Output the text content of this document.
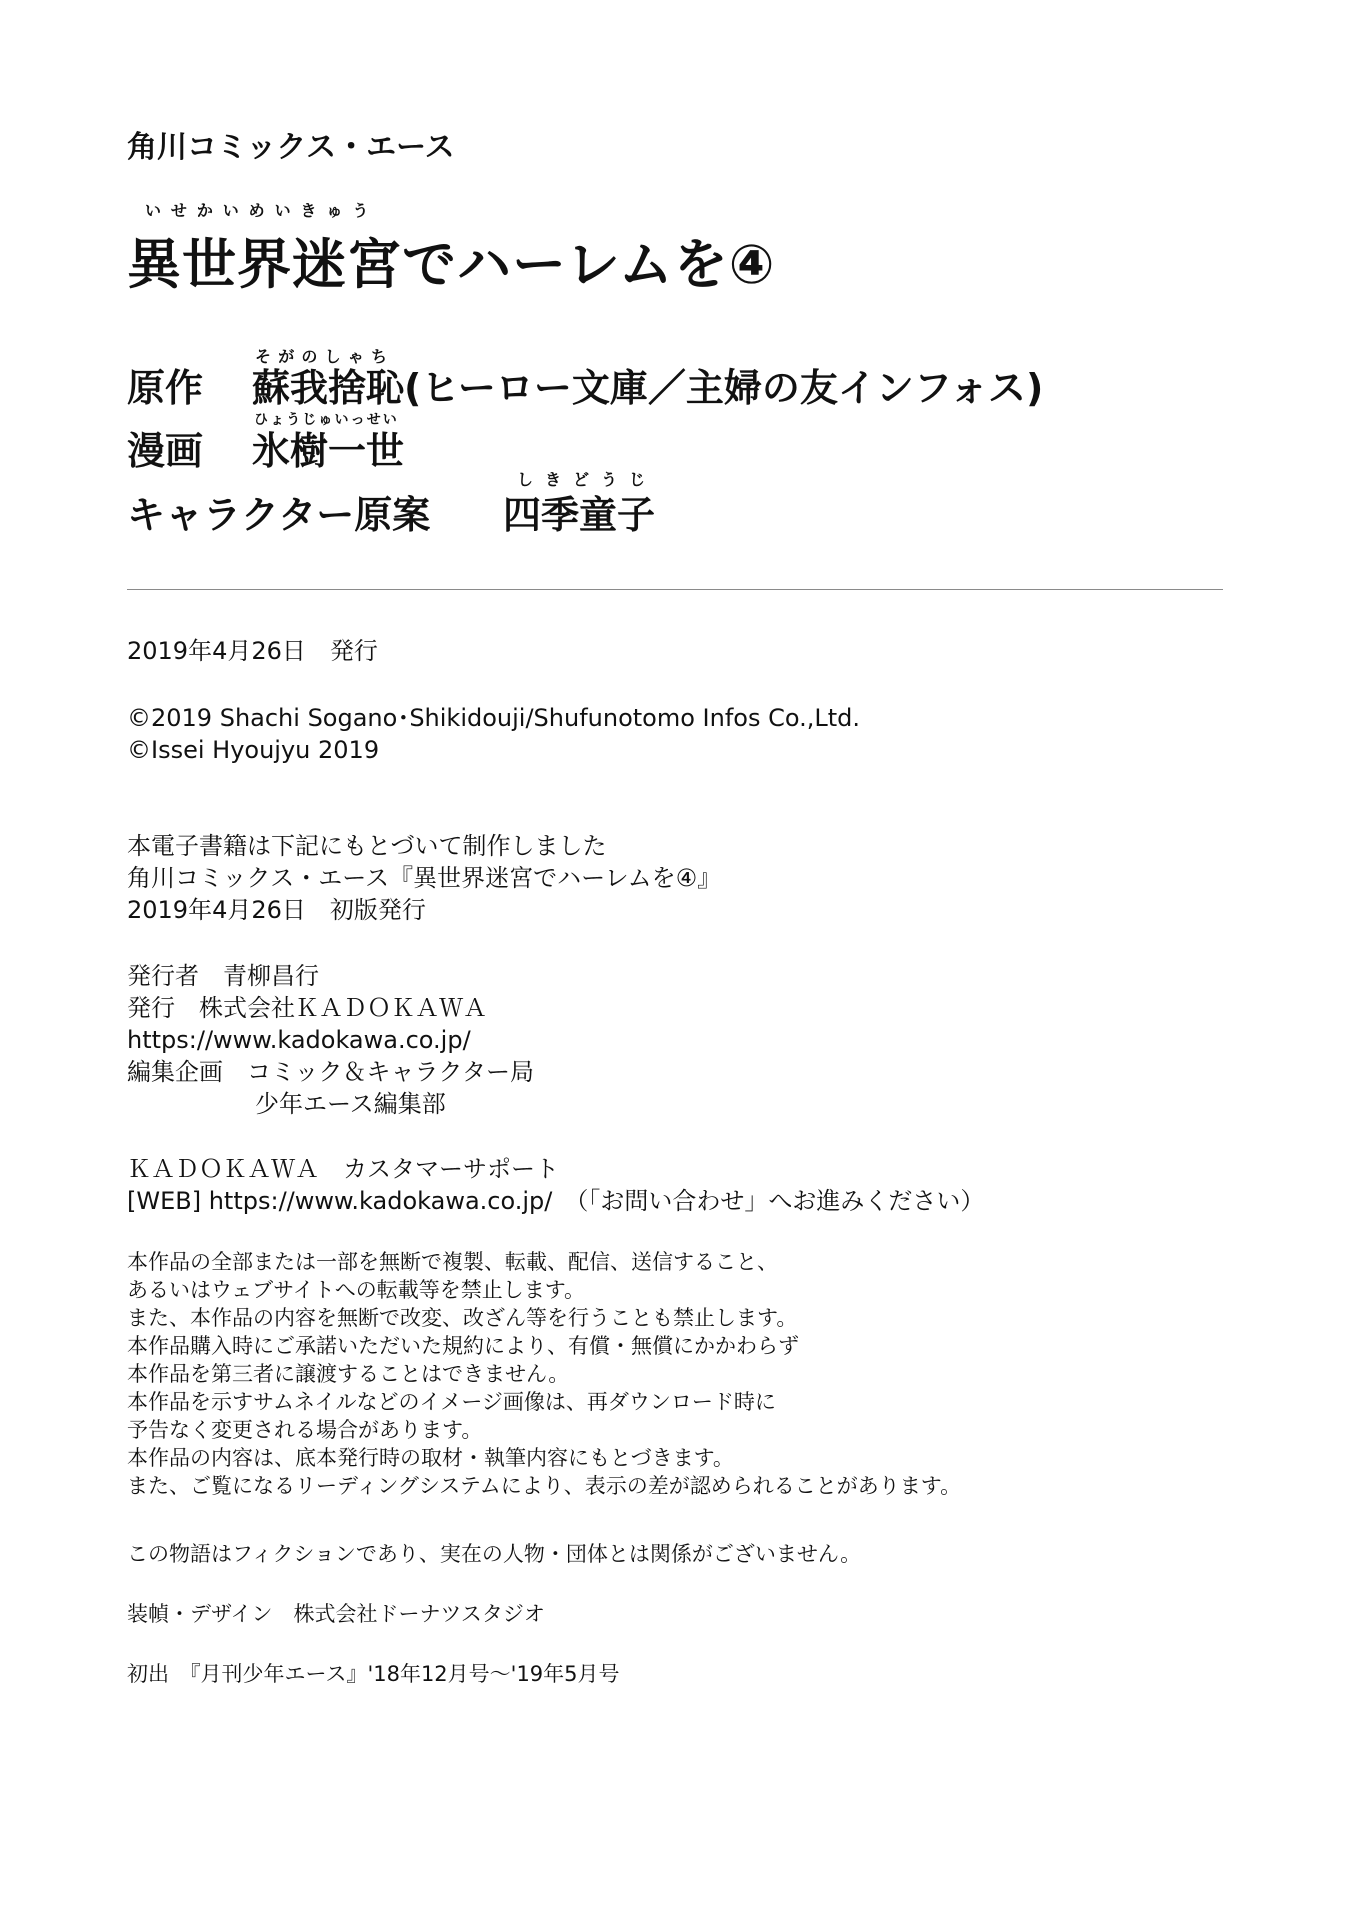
角川コミックス・エース
いせかいめいきゅう
異世界迷宮でハーレムを④
そがのしゃち
原作 蘇我捨恥(ヒーロー文庫／主婦の友インフォス)
ひょうじゅいっせい
漫画 氷樹一世
しきどうじ
キャラクター原案 四季童子
2019年4月26日　発行
©2019 Shachi Sogano･Shikidouji/Shufunotomo Infos Co.,Ltd.
©Issei Hyoujyu 2019
本電子書籍は下記にもとづいて制作しました
角川コミックス・エース『異世界迷宮でハーレムを④』
2019年4月26日　初版発行
発行者　青柳昌行
発行　株式会社ＫＡＤＯＫＡＷＡ
https://www.kadokawa.co.jp/
編集企画　コミック＆キャラクター局
少年エース編集部
ＫＡＤＯＫＡＷＡ　カスタマーサポート
[WEB] https://www.kadokawa.co.jp/　（「お問い合わせ」へお進みください）
本作品の全部または一部を無断で複製、転載、配信、送信すること、
あるいはウェブサイトへの転載等を禁止します。
また、本作品の内容を無断で改変、改ざん等を行うことも禁止します。
本作品購入時にご承諾いただいた規約により、有償・無償にかかわらず
本作品を第三者に譲渡することはできません。
本作品を示すサムネイルなどのイメージ画像は、再ダウンロード時に
予告なく変更される場合があります。
本作品の内容は、底本発行時の取材・執筆内容にもとづきます。
また、ご覧になるリーディングシステムにより、表示の差が認められることがあります。
この物語はフィクションであり、実在の人物・団体とは関係がございません。
装幀・デザイン　株式会社ドーナツスタジオ
初出　『月刊少年エース』'18年12月号～'19年5月号
